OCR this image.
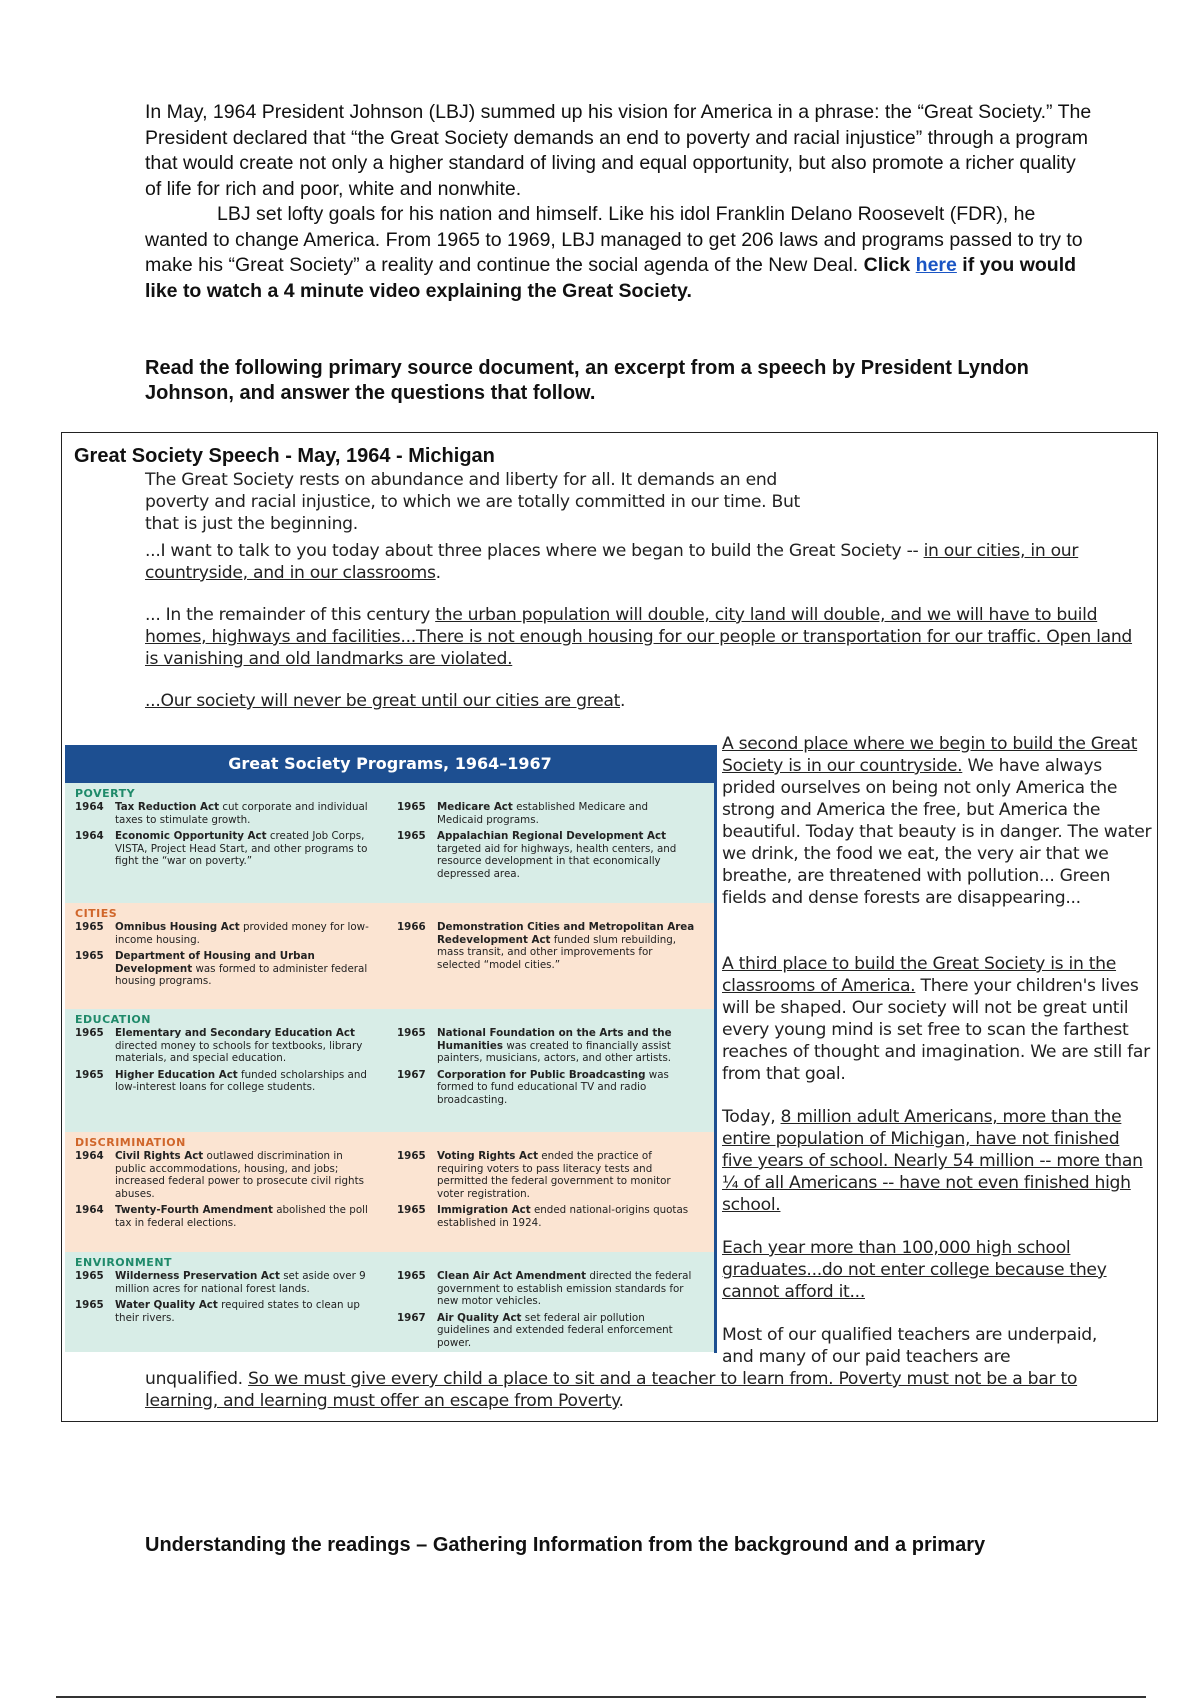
In May, 1964 President Johnson (LBJ) summed up his vision for America in a phrase: the “Great Society.” The President declared that “the Great Society demands an end to poverty and racial injustice” through a program that would create not only a higher standard of living and equal opportunity, but also promote a richer quality of life for rich and poor, white and nonwhite.

LBJ set lofty goals for his nation and himself. Like his idol Franklin Delano Roosevelt (FDR), he wanted to change America. From 1965 to 1969, LBJ managed to get 206 laws and programs passed to try to make his “Great Society” a reality and continue the social agenda of the New Deal. Click here if you would like to watch a 4 minute video explaining the Great Society.

Read the following primary source document, an excerpt from a speech by President Lyndon Johnson, and answer the questions that follow.
Great Society Speech - May, 1964 - Michigan

The Great Society rests on abundance and liberty for all. It demands an end poverty and racial injustice, to which we are totally committed in our time. But that is just the beginning.

...I want to talk to you today about three places where we began to build the Great Society -- in our cities, in our countryside, and in our classrooms.

... In the remainder of this century the urban population will double, city land will double, and we will have to build homes, highways and facilities...There is not enough housing for our people or transportation for our traffic. Open land is vanishing and old landmarks are violated.

...Our society will never be great until our cities are great.

A second place where we begin to build the Great Society is in our countryside. We have always prided ourselves on being not only America the strong and America the free, but America the beautiful. Today that beauty is in danger. The water we drink, the food we eat, the very air that we breathe, are threatened with pollution... Green fields and dense forests are disappearing...

A third place to build the Great Society is in the classrooms of America. There your children's lives will be shaped. Our society will not be great until every young mind is set free to scan the farthest reaches of thought and imagination. We are still far from that goal.

Today, 8 million adult Americans, more than the entire population of Michigan, have not finished five years of school. Nearly 54 million -- more than ¼ of all Americans -- have not even finished high school.

Each year more than 100,000 high school graduates...do not enter college because they cannot afford it...

Most of our qualified teachers are underpaid,

and many of our paid teachers are

unqualified. So we must give every child a place to sit and a teacher to learn from. Poverty must not be a bar to learning, and learning must offer an escape from Poverty.

Great Society Programs, 1964–1967
POVERTY
1964	Tax Reduction Act cut corporate and individual taxes to stimulate growth.
1964	Economic Opportunity Act created Job Corps, VISTA, Project Head Start, and other programs to fight the “war on poverty.”
1965	Medicare Act established Medicare and Medicaid programs.
1965	Appalachian Regional Development Act targeted aid for highways, health centers, and resource development in that economically depressed area.
CITIES
1965	Omnibus Housing Act provided money for low-income housing.
1965	Department of Housing and Urban Development was formed to administer federal housing programs.
1966	Demonstration Cities and Metropolitan Area Redevelopment Act funded slum rebuilding, mass transit, and other improvements for selected “model cities.”
EDUCATION
1965	Elementary and Secondary Education Act directed money to schools for textbooks, library materials, and special education.
1965	Higher Education Act funded scholarships and low-interest loans for college students.
1965	National Foundation on the Arts and the Humanities was created to financially assist painters, musicians, actors, and other artists.
1967	Corporation for Public Broadcasting was formed to fund educational TV and radio broadcasting.
DISCRIMINATION
1964	Civil Rights Act outlawed discrimination in public accommodations, housing, and jobs; increased federal power to prosecute civil rights abuses.
1964	Twenty-Fourth Amendment abolished the poll tax in federal elections.
1965	Voting Rights Act ended the practice of requiring voters to pass literacy tests and permitted the federal government to monitor voter registration.
1965	Immigration Act ended national-origins quotas established in 1924.
ENVIRONMENT
1965	Wilderness Preservation Act set aside over 9 million acres for national forest lands.
1965	Water Quality Act required states to clean up their rivers.
1965	Clean Air Act Amendment directed the federal government to establish emission standards for new motor vehicles.
1967	Air Quality Act set federal air pollution guidelines and extended federal enforcement power.
Understanding the readings – Gathering Information from the background and a primary
